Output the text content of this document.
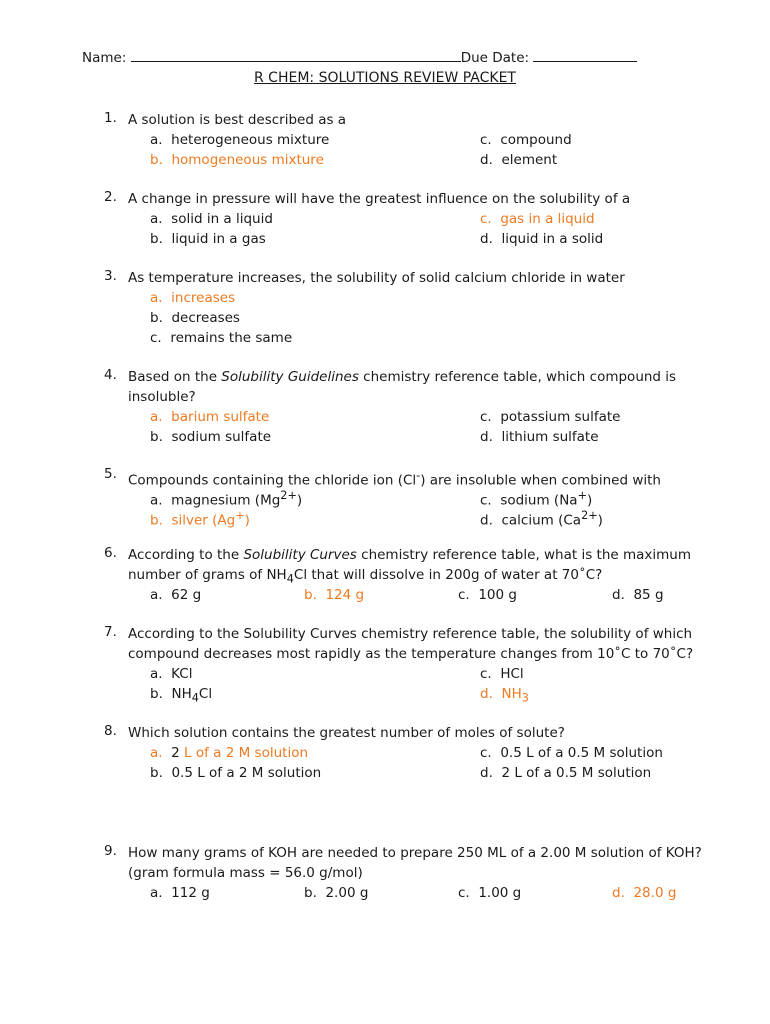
Name:	Due Date:
R CHEM: SOLUTIONS REVIEW PACKET
1. A solution is best described as a
a. heterogeneous mixture
b. homogeneous mixture
c. compound
d. element
2. A change in pressure will have the greatest influence on the solubility of a
a. solid in a liquid
b. liquid in a gas
c. gas in a liquid
d. liquid in a solid
3. As temperature increases, the solubility of solid calcium chloride in water
a. increases
b. decreases
c. remains the same
4. Based on the Solubility Guidelines chemistry reference table, which compound is insoluble?
a. barium sulfate
b. sodium sulfate
c. potassium sulfate
d. lithium sulfate
5. Compounds containing the chloride ion (Cl-) are insoluble when combined with
a. magnesium $(Mg^{2+})$
b. silver (Ag+)
c. sodium (Na+)
d. calcium $(Ca^{2+})$
6. According to the Solubility Curves chemistry reference table, what is the maximum number of grams of $NH_4Cl$ that will dissolve in 200g of water at 70˚C?
a. 62 g	b. 124 g	c. 100 g	d. 85 g
7. According to the Solubility Curves chemistry reference table, the solubility of which compound decreases most rapidly as the temperature changes from 10˚C to 70˚C?
a. KCl
b. $NH_4Cl$
c. HCl
d. $NH_3$
8. Which solution contains the greatest number of moles of solute?
a. 2 L of a 2 M solution
b. 0.5 L of a 2 M solution
c. 0.5 L of a 0.5 M solution
d. 2 L of a 0.5 M solution
9. How many grams of KOH are needed to prepare 250 ML of a 2.00 M solution of KOH? (gram formula mass = 56.0 g/mol)
a. 112 g	b. 2.00 g	c. 1.00 g	d. 28.0 g
